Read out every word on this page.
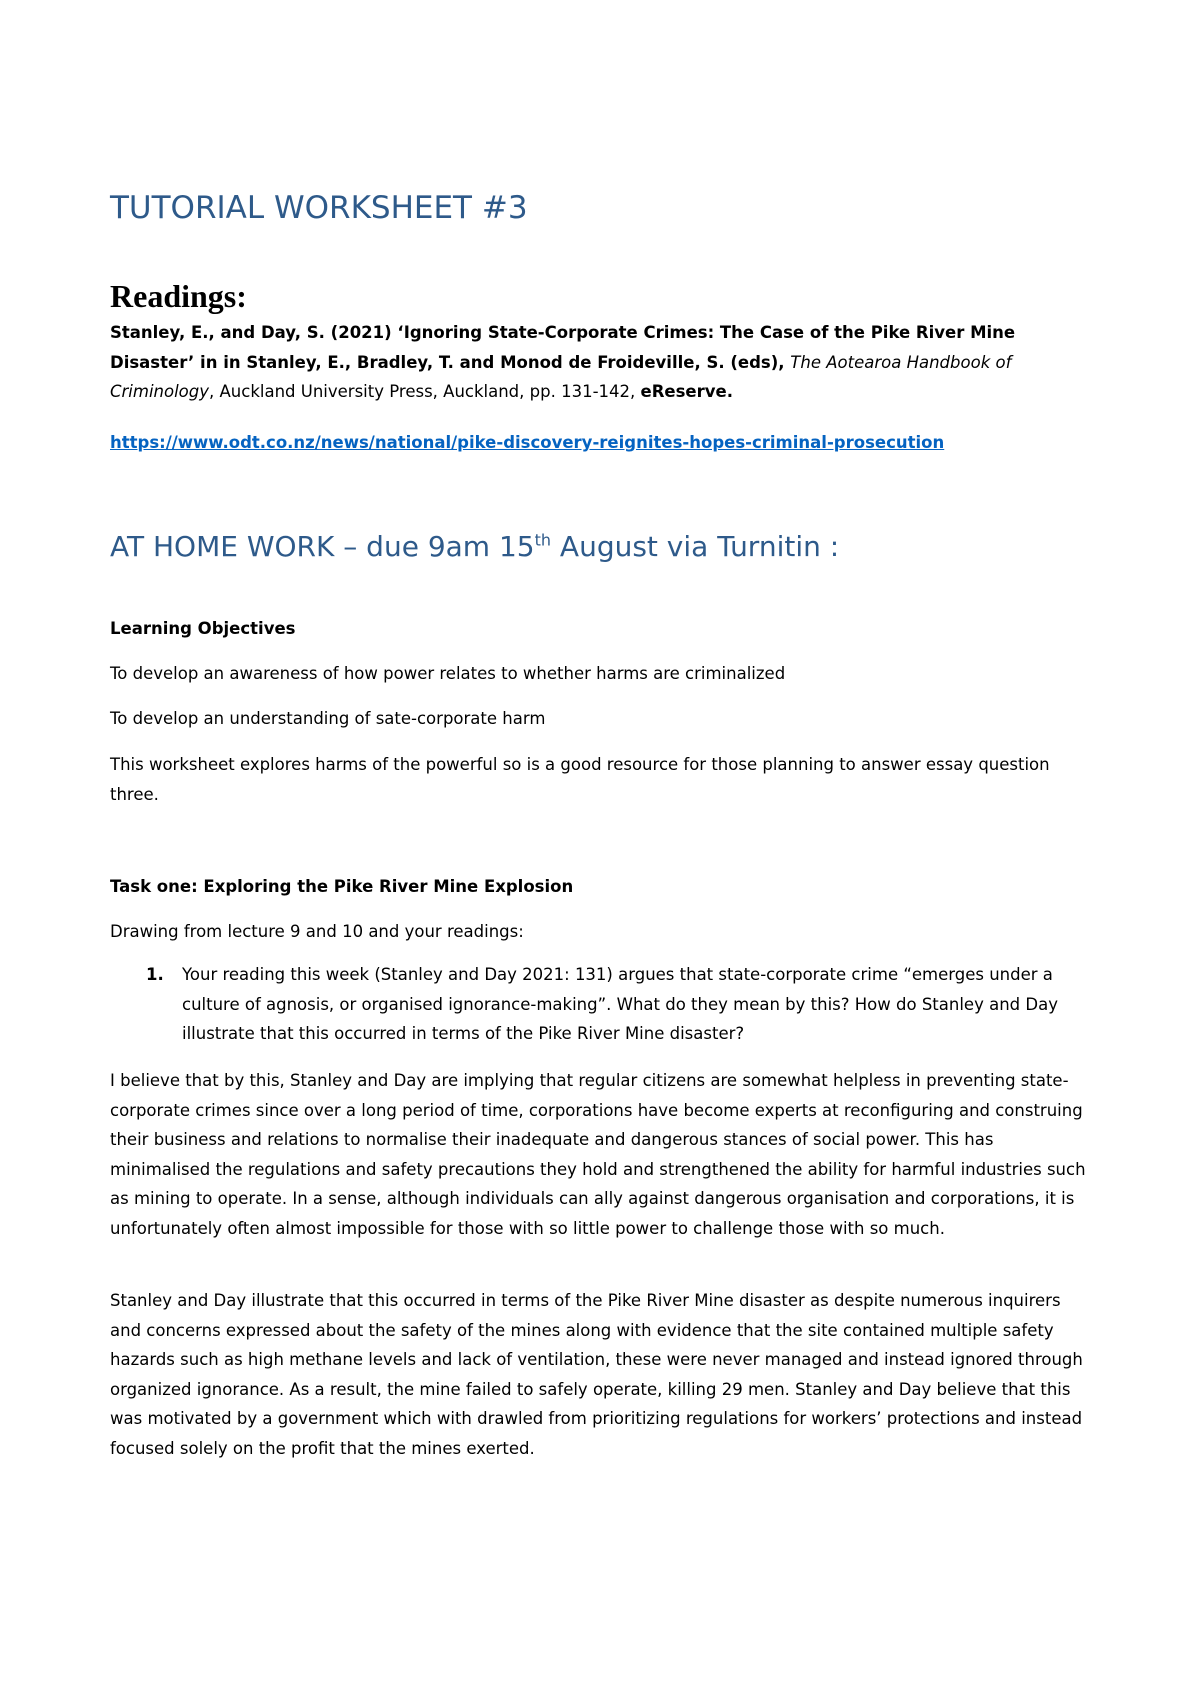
TUTORIAL WORKSHEET #3
Readings:

Stanley, E., and Day, S. (2021) ‘Ignoring State-Corporate Crimes: The Case of the Pike River Mine Disaster’ in in Stanley, E., Bradley, T. and Monod de Froideville, S. (eds), The Aotearoa Handbook of Criminology, Auckland University Press, Auckland, pp. 131-142, eReserve.

https://www.odt.co.nz/news/national/pike-discovery-reignites-hopes-criminal-prosecution
AT HOME WORK – due 9am 15th August via Turnitin :

Learning Objectives

To develop an awareness of how power relates to whether harms are criminalized

To develop an understanding of sate-corporate harm

This worksheet explores harms of the powerful so is a good resource for those planning to answer essay question three.

Task one: Exploring the Pike River Mine Explosion

Drawing from lecture 9 and 10 and your readings:

1. Your reading this week (Stanley and Day 2021: 131) argues that state-corporate crime “emerges under a culture of agnosis, or organised ignorance-making”. What do they mean by this? How do Stanley and Day illustrate that this occurred in terms of the Pike River Mine disaster?

I believe that by this, Stanley and Day are implying that regular citizens are somewhat helpless in preventing state-corporate crimes since over a long period of time, corporations have become experts at reconfiguring and construing their business and relations to normalise their inadequate and dangerous stances of social power. This has minimalised the regulations and safety precautions they hold and strengthened the ability for harmful industries such as mining to operate. In a sense, although individuals can ally against dangerous organisation and corporations, it is unfortunately often almost impossible for those with so little power to challenge those with so much.

Stanley and Day illustrate that this occurred in terms of the Pike River Mine disaster as despite numerous inquirers and concerns expressed about the safety of the mines along with evidence that the site contained multiple safety hazards such as high methane levels and lack of ventilation, these were never managed and instead ignored through organized ignorance. As a result, the mine failed to safely operate, killing 29 men. Stanley and Day believe that this was motivated by a government which with drawled from prioritizing regulations for workers’ protections and instead focused solely on the profit that the mines exerted.
